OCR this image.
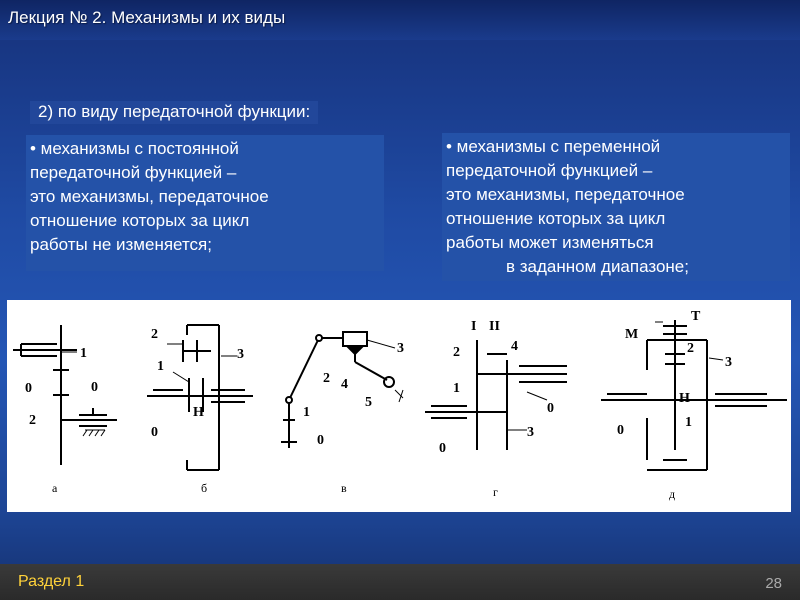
Лекция № 2. Механизмы и их виды
2) по виду передаточной функции:
• механизмы с постоянной
передаточной функцией –
это механизмы, передаточное
отношение которых за цикл
работы не изменяется;
• механизмы с переменной
передаточной функцией –
это механизмы, передаточное
отношение которых за цикл
работы может изменяться
в заданном диапазоне;
1
0	0
2
а
2
3
1
H
0
б
3
2 4
5
1
0
в
I II
2	4
1
0
0
3
г
M
T
2
3
H
1
0
д
Раздел 1	28
